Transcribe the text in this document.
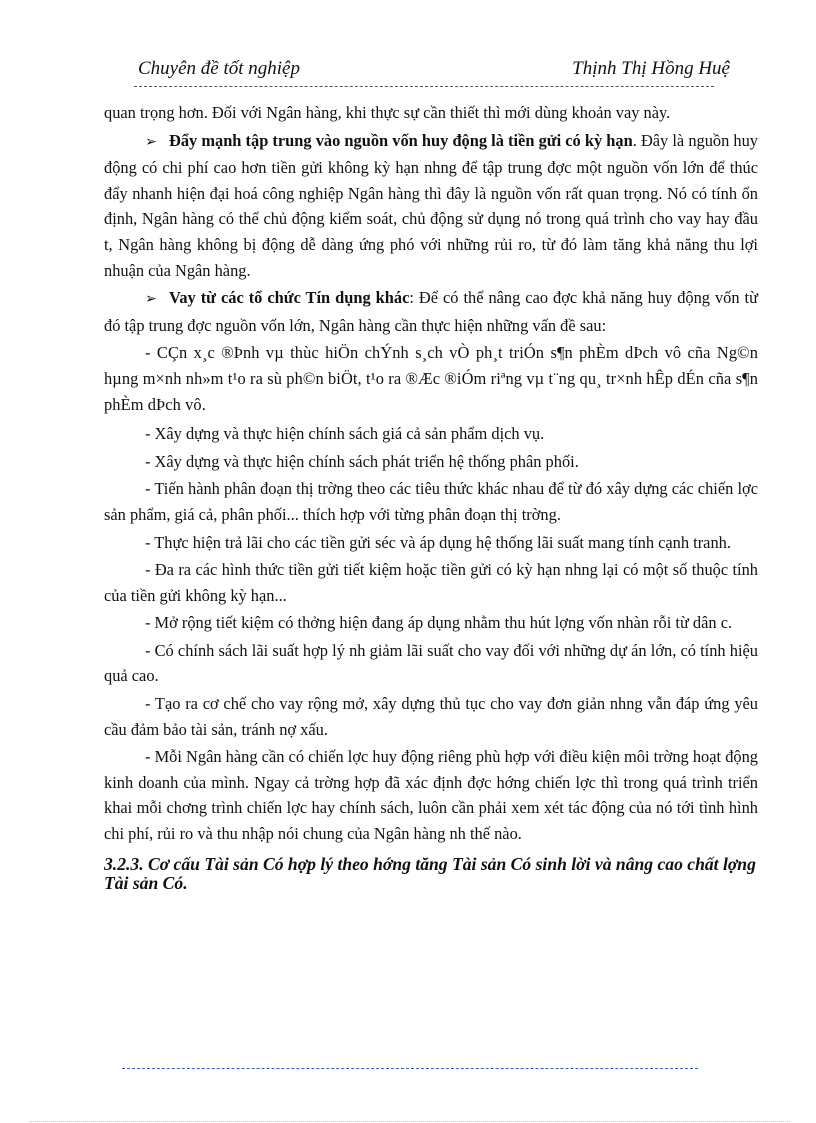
Chuyên đề tốt nghiệp	Thịnh Thị Hồng Huệ

quan trọng hơn. Đối với Ngân hàng, khi thực sự cần thiết thì mới dùng khoản vay này.

➢ Đẩy mạnh tập trung vào nguồn vốn huy động là tiền gửi có kỳ hạn. Đây là nguồn huy động có chi phí cao hơn tiền gửi không kỳ hạn nhng để tập trung đợc một nguồn vốn lớn để thúc đẩy nhanh hiện đại hoá công nghiệp Ngân hàng thì đây là nguồn vốn rất quan trọng. Nó có tính ổn định, Ngân hàng có thể chủ động kiểm soát, chủ động sử dụng nó trong quá trình cho vay hay đầu t, Ngân hàng không bị động dễ dàng ứng phó với những rủi ro, từ đó làm tăng khả năng thu lợi nhuận của Ngân hàng.

➢ Vay từ các tổ chức Tín dụng khác: Để có thể nâng cao đợc khả năng huy động vốn từ đó tập trung đợc nguồn vốn lớn, Ngân hàng cần thực hiện những vấn đề sau:

- CÇn x¸c ®Þnh vµ thùc hiÖn chÝnh s¸ch vÒ ph¸t triÓn s¶n phÈm dÞch vô cña Ng©n hµng m×nh nh»m t¹o ra sù ph©n biÖt, t¹o ra ®Æc ®iÓm riªng vµ t¨ng qu¸ tr×nh hÊp dÉn cña s¶n phÈm dÞch vô.

- Xây dựng và thực hiện chính sách giá cả sản phẩm dịch vụ.

- Xây dựng và thực hiện chính sách phát triển hệ thống phân phối.

- Tiến hành phân đoạn thị trờng theo các tiêu thức khác nhau để từ đó xây dựng các chiến lợc sản phẩm, giá cả, phân phối... thích hợp với từng phân đoạn thị trờng.

- Thực hiện trả lãi cho các tiền gửi séc và áp dụng hệ thống lãi suất mang tính cạnh tranh.

- Đa ra các hình thức tiền gửi tiết kiệm hoặc tiền gửi có kỳ hạn nhng lại có một số thuộc tính của tiền gửi không kỳ hạn...

- Mở rộng tiết kiệm có thởng hiện đang áp dụng nhằm thu hút lợng vốn nhàn rỗi từ dân c.

- Có chính sách lãi suất hợp lý nh giảm lãi suất cho vay đối với những dự án lớn, có tính hiệu quả cao.

- Tạo ra cơ chế cho vay rộng mở, xây dựng thủ tục cho vay đơn giản nhng vẫn đáp ứng yêu cầu đảm bảo tài sản, tránh nợ xấu.

- Mỗi Ngân hàng cần có chiến lợc huy động riêng phù hợp với điều kiện môi trờng hoạt động kinh doanh của mình. Ngay cả trờng hợp đã xác định đợc hớng chiến lợc thì trong quá trình triển khai mỗi chơng trình chiến lợc hay chính sách, luôn cần phải xem xét tác động của nó tới tình hình chi phí, rủi ro và thu nhập nói chung của Ngân hàng nh thế nào.

3.2.3. Cơ cấu Tài sản Có hợp lý theo hớng tăng Tài sản Có sinh lời và nâng cao chất lợng Tài sản Có.
